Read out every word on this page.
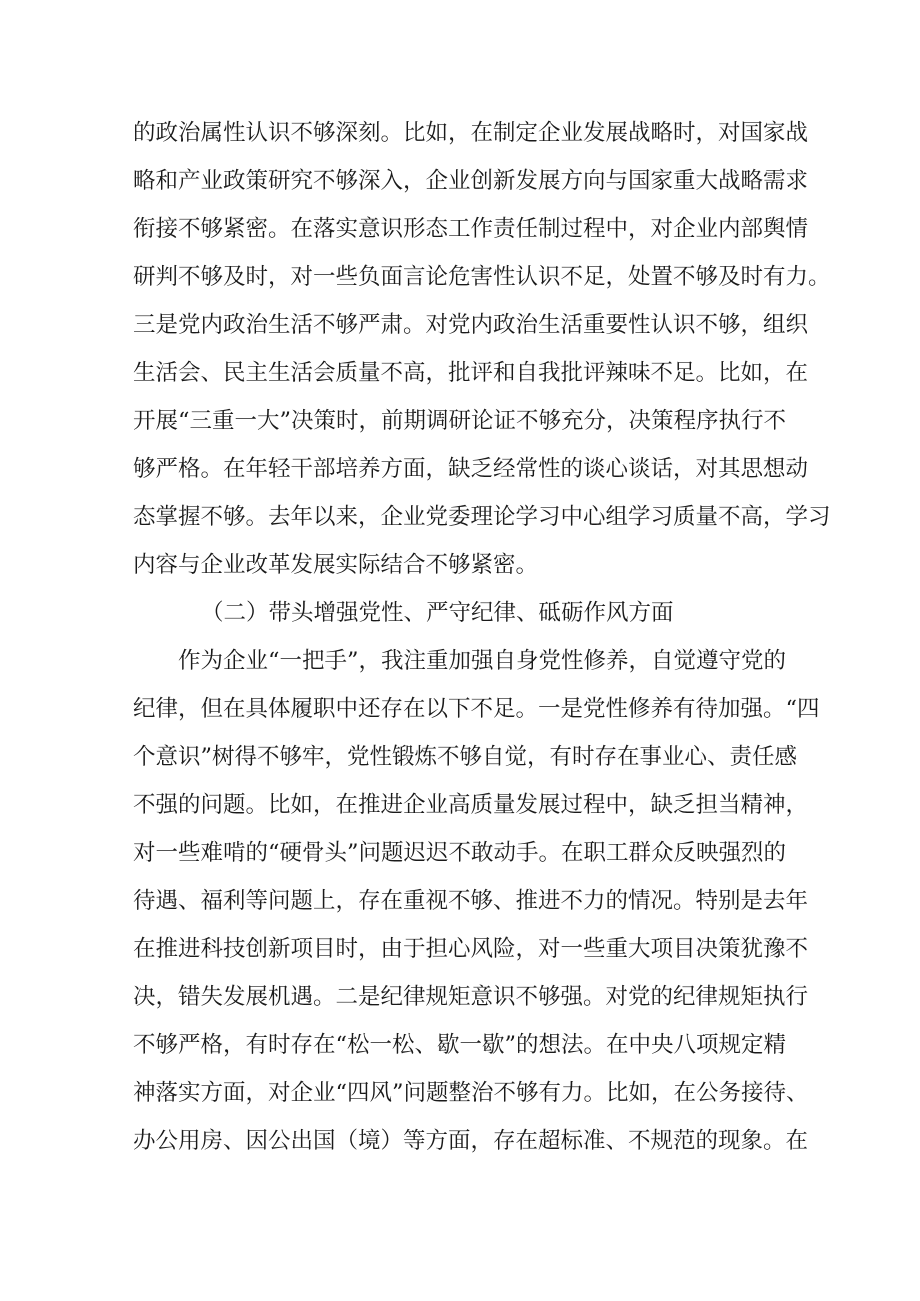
的政治属性认识不够深刻。比如，在制定企业发展战略时，对国家战
略和产业政策研究不够深入，企业创新发展方向与国家重大战略需求
衔接不够紧密。在落实意识形态工作责任制过程中，对企业内部舆情
研判不够及时，对一些负面言论危害性认识不足，处置不够及时有力。
三是党内政治生活不够严肃。对党内政治生活重要性认识不够，组织
生活会、民主生活会质量不高，批评和自我批评辣味不足。比如，在
开展“三重一大”决策时，前期调研论证不够充分，决策程序执行不
够严格。在年轻干部培养方面，缺乏经常性的谈心谈话，对其思想动
态掌握不够。去年以来，企业党委理论学习中心组学习质量不高，学习
内容与企业改革发展实际结合不够紧密。
（二）带头增强党性、严守纪律、砥砺作风方面
作为企业“一把手”，我注重加强自身党性修养，自觉遵守党的
纪律，但在具体履职中还存在以下不足。一是党性修养有待加强。“四
个意识”树得不够牢，党性锻炼不够自觉，有时存在事业心、责任感
不强的问题。比如，在推进企业高质量发展过程中，缺乏担当精神，
对一些难啃的“硬骨头”问题迟迟不敢动手。在职工群众反映强烈的
待遇、福利等问题上，存在重视不够、推进不力的情况。特别是去年
在推进科技创新项目时，由于担心风险，对一些重大项目决策犹豫不
决，错失发展机遇。二是纪律规矩意识不够强。对党的纪律规矩执行
不够严格，有时存在“松一松、歇一歇”的想法。在中央八项规定精
神落实方面，对企业“四风”问题整治不够有力。比如，在公务接待、
办公用房、因公出国（境）等方面，存在超标准、不规范的现象。在
